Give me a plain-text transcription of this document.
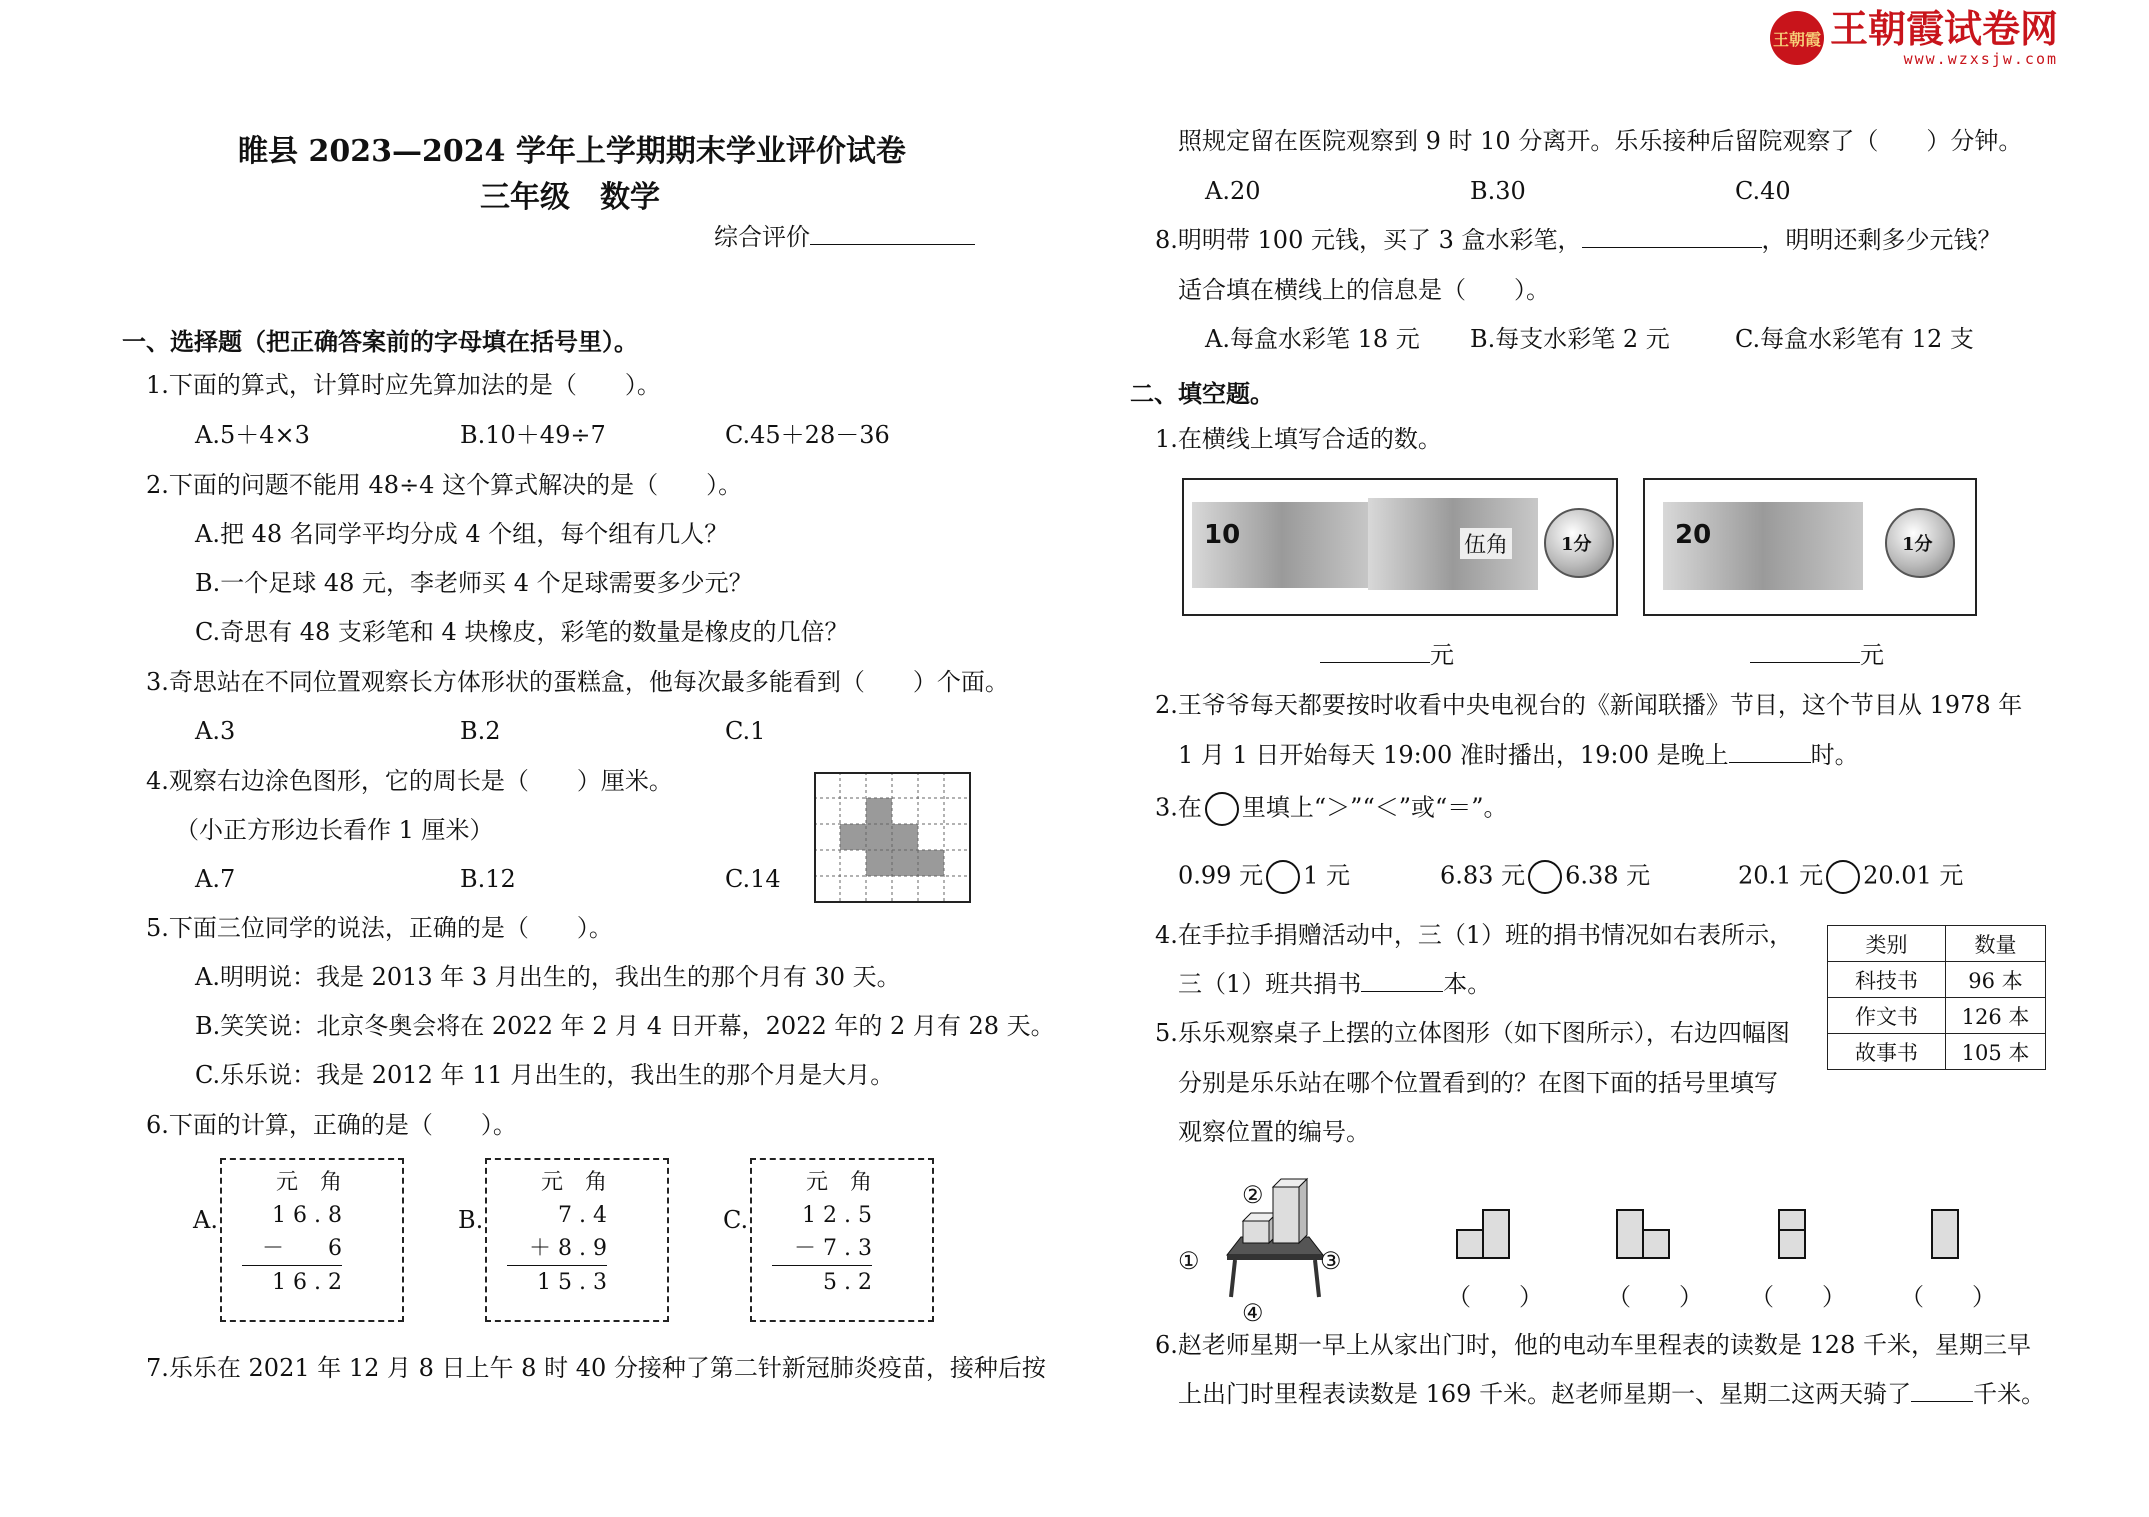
王朝霞 王朝霞试卷网
www.wzxsjw.com
睢县 2023—2024 学年上学期期末学业评价试卷
三年级　数学
综合评价
一、选择题（把正确答案前的字母填在括号里）。
1.下面的算式，计算时应先算加法的是（　　）。
A.5＋4×3	B.10＋49÷7	C.45＋28－36
2.下面的问题不能用 48÷4 这个算式解决的是（　　）。
A.把 48 名同学平均分成 4 个组，每个组有几人？
B.一个足球 48 元，李老师买 4 个足球需要多少元？
C.奇思有 48 支彩笔和 4 块橡皮，彩笔的数量是橡皮的几倍？
3.奇思站在不同位置观察长方体形状的蛋糕盒，他每次最多能看到（　　）个面。
A.3	B.2	C.1
4.观察右边涂色图形，它的周长是（　　）厘米。
（小正方形边长看作 1 厘米）
A.7	B.12	C.14
5.下面三位同学的说法，正确的是（　　）。
A.明明说：我是 2013 年 3 月出生的，我出生的那个月有 30 天。
B.笑笑说：北京冬奥会将在 2022 年 2 月 4 日开幕，2022 年的 2 月有 28 天。
C.乐乐说：我是 2012 年 11 月出生的，我出生的那个月是大月。
6.下面的计算，正确的是（　　）。
A.
元　角
1 6 . 8
－　　6
1 6 . 2
B.
元　角
7 . 4
＋ 8 . 9
1 5 . 3
C.
元　角
1 2 . 5
－ 7 . 3
5 . 2
7.乐乐在 2021 年 12 月 8 日上午 8 时 40 分接种了第二针新冠肺炎疫苗，接种后按
照规定留在医院观察到 9 时 10 分离开。乐乐接种后留院观察了（　　）分钟。
A.20	B.30	C.40
8.明明带 100 元钱，买了 3 盒水彩笔，	，明明还剩多少元钱？
适合填在横线上的信息是（　　）。
A.每盒水彩笔 18 元 B.每支水彩笔 2 元	C.每盒水彩笔有 12 支
二、填空题。
1.在横线上填写合适的数。
10	伍角	1分
元
20	1分
元
2.王爷爷每天都要按时收看中央电视台的《新闻联播》节目，这个节目从 1978 年
1 月 1 日开始每天 19:00 准时播出，19:00 是晚上	时。
3.在 里填上“＞”“＜”或“＝”。
0.99 元 1 元	6.83 元 6.38 元	20.1 元 20.01 元
4.在手拉手捐赠活动中，三（1）班的捐书情况如右表所示，
三（1）班共捐书	本。
类别	数量
科技书	96 本
作文书	126 本
故事书	105 本
5.乐乐观察桌子上摆的立体图形（如下图所示），右边四幅图
分别是乐乐站在哪个位置看到的？在图下面的括号里填写
观察位置的编号。
①
②
③
④
（　　）	（　　） （　　） （　　）
6.赵老师星期一早上从家出门时，他的电动车里程表的读数是 128 千米，星期三早
上出门时里程表读数是 169 千米。赵老师星期一、星期二这两天骑了	千米。
